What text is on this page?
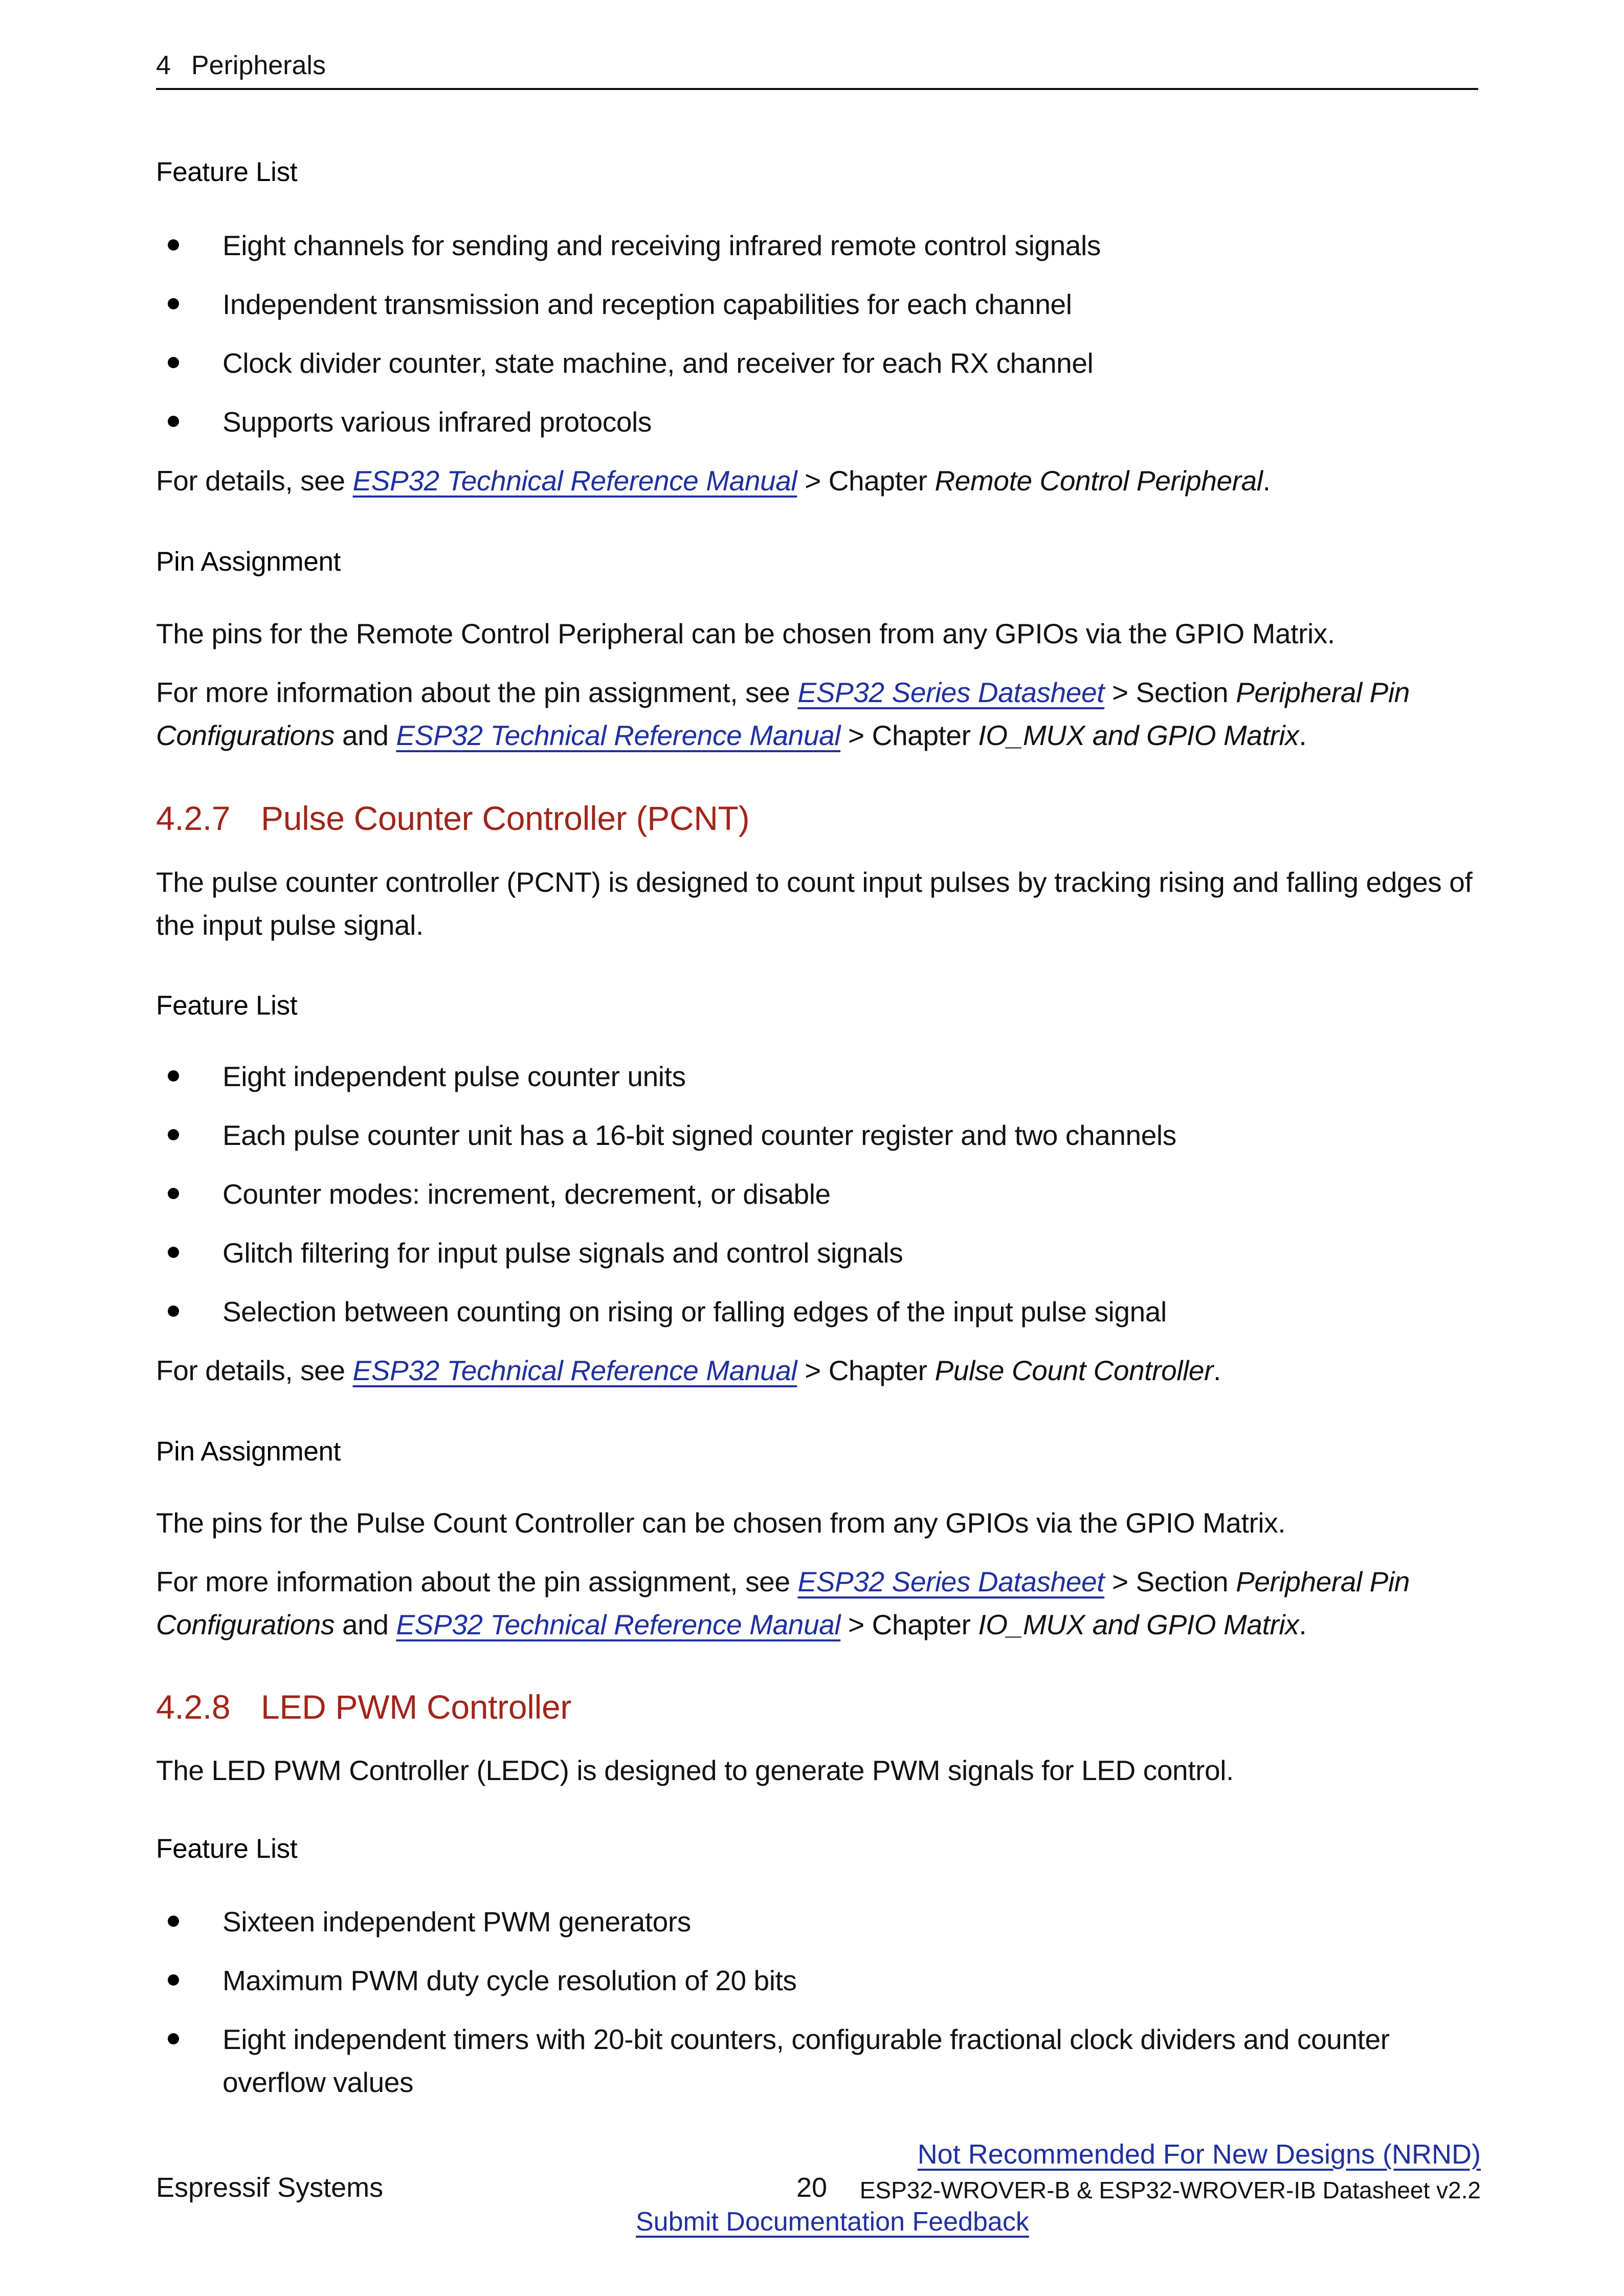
4 Peripherals
Feature List
Eight channels for sending and receiving infrared remote control signals
Independent transmission and reception capabilities for each channel
Clock divider counter, state machine, and receiver for each RX channel
Supports various infrared protocols
For details, see ESP32 Technical Reference Manual > Chapter Remote Control Peripheral.
Pin Assignment
The pins for the Remote Control Peripheral can be chosen from any GPIOs via the GPIO Matrix.
For more information about the pin assignment, see ESP32 Series Datasheet > Section Peripheral Pin Configurations and ESP32 Technical Reference Manual > Chapter IO_MUX and GPIO Matrix.
4.2.7 Pulse Counter Controller (PCNT)
The pulse counter controller (PCNT) is designed to count input pulses by tracking rising and falling edges of the input pulse signal.
Feature List
Eight independent pulse counter units
Each pulse counter unit has a 16-bit signed counter register and two channels
Counter modes: increment, decrement, or disable
Glitch filtering for input pulse signals and control signals
Selection between counting on rising or falling edges of the input pulse signal
For details, see ESP32 Technical Reference Manual > Chapter Pulse Count Controller.
Pin Assignment
The pins for the Pulse Count Controller can be chosen from any GPIOs via the GPIO Matrix.
For more information about the pin assignment, see ESP32 Series Datasheet > Section Peripheral Pin Configurations and ESP32 Technical Reference Manual > Chapter IO_MUX and GPIO Matrix.
4.2.8 LED PWM Controller
The LED PWM Controller (LEDC) is designed to generate PWM signals for LED control.
Feature List
Sixteen independent PWM generators
Maximum PWM duty cycle resolution of 20 bits
Eight independent timers with 20-bit counters, configurable fractional clock dividers and counter overflow values
Not Recommended For New Designs (NRND)
Espressif Systems	20 ESP32-WROVER-B & ESP32-WROVER-IB Datasheet v2.2
Submit Documentation Feedback
